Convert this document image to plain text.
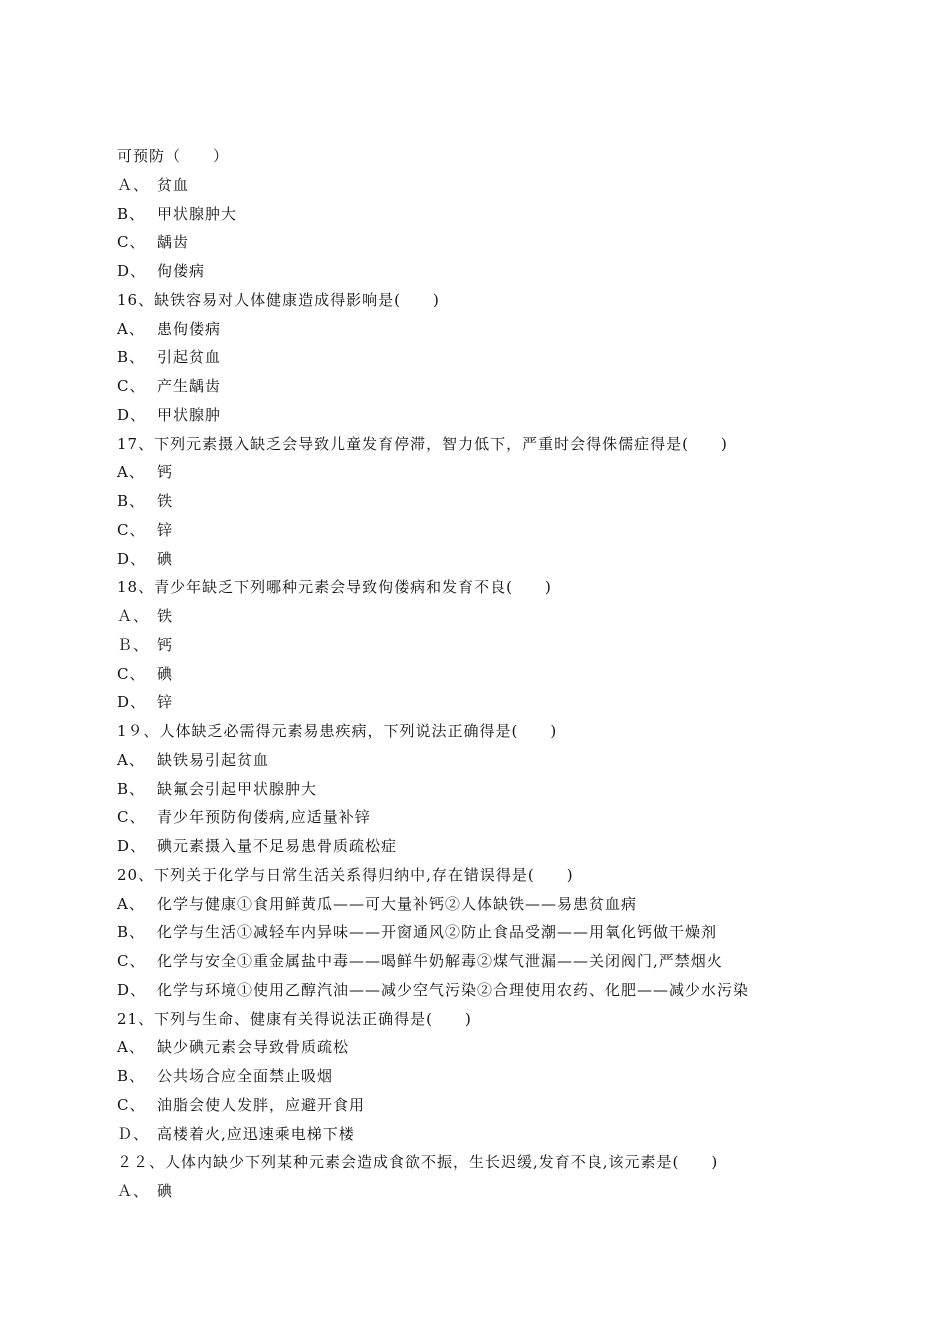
可预防（　　）
Ａ、 贫血
B、 甲状腺肿大
C、 龋齿
D、 佝偻病
16、缺铁容易对人体健康造成得影响是(　　)
A、 患佝偻病
B、 引起贫血
C、 产生龋齿
D、 甲状腺肿
17、下列元素摄入缺乏会导致儿童发育停滞，智力低下，严重时会得侏儒症得是(　　)
A、 钙
B、 铁
C、 锌
D、 碘
18、青少年缺乏下列哪种元素会导致佝偻病和发育不良(　　)
Ａ、 铁
Ｂ、 钙
C、 碘
D、 锌
1９、人体缺乏必需得元素易患疾病，下列说法正确得是(　　)
A、 缺铁易引起贫血
B、 缺氟会引起甲状腺肿大
C、 青少年预防佝偻病,应适量补锌
D、 碘元素摄入量不足易患骨质疏松症
20、下列关于化学与日常生活关系得归纳中,存在错误得是(　　)
A、 化学与健康①食用鲜黄瓜——可大量补钙②人体缺铁——易患贫血病
B、 化学与生活①减轻车内异味——开窗通风②防止食品受潮——用氧化钙做干燥剂
C、 化学与安全①重金属盐中毒——喝鲜牛奶解毒②煤气泄漏——关闭阀门,严禁烟火
D、 化学与环境①使用乙醇汽油——减少空气污染②合理使用农药、化肥——减少水污染
21、下列与生命、健康有关得说法正确得是(　　)
A、 缺少碘元素会导致骨质疏松
B、 公共场合应全面禁止吸烟
C、 油脂会使人发胖，应避开食用
Ｄ、 高楼着火,应迅速乘电梯下楼
２２、人体内缺少下列某种元素会造成食欲不振，生长迟缓,发育不良,该元素是(　　)
Ａ、 碘
